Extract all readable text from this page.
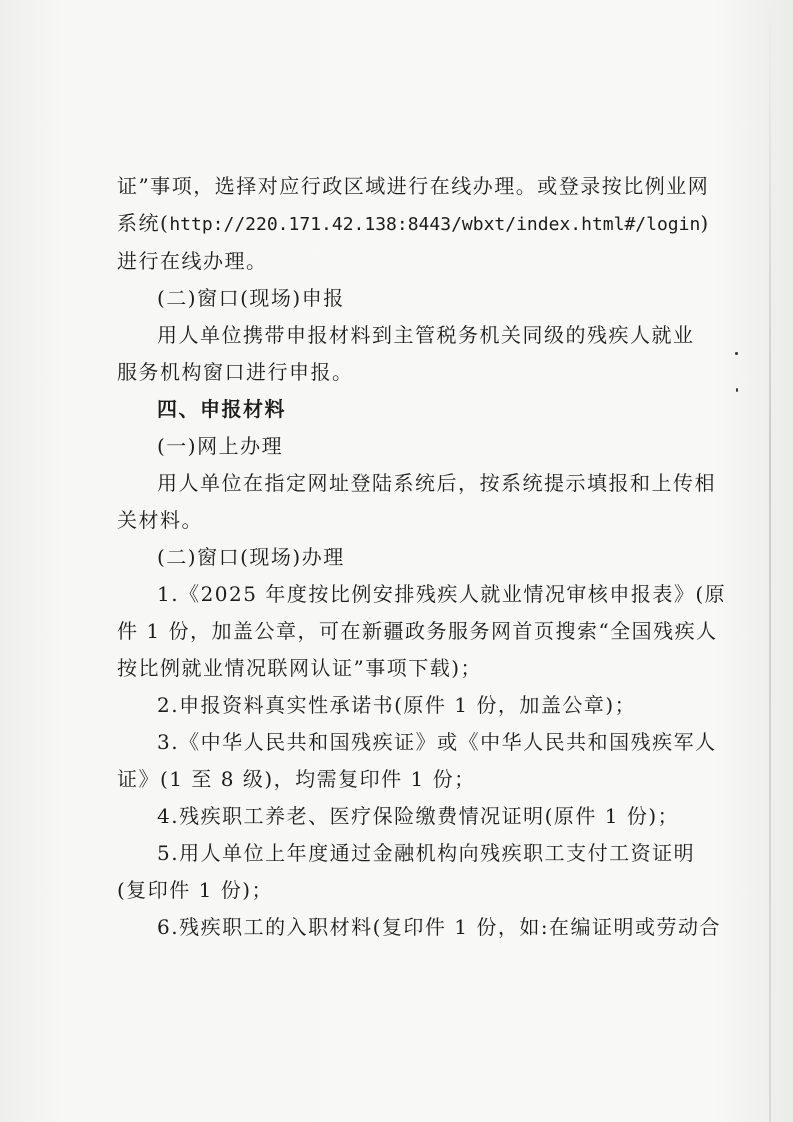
证”事项，选择对应行政区域进行在线办理。或登录按比例业网

系统(http://220.171.42.138:8443/wbxt/index.html#/login)

进行在线办理。

(二)窗口(现场)申报

用人单位携带申报材料到主管税务机关同级的残疾人就业

服务机构窗口进行申报。

四、申报材料

(一)网上办理

用人单位在指定网址登陆系统后，按系统提示填报和上传相

关材料。

(二)窗口(现场)办理

1.《2025 年度按比例安排残疾人就业情况审核申报表》(原

件 1 份，加盖公章，可在新疆政务服务网首页搜索“全国残疾人

按比例就业情况联网认证”事项下载)；

2.申报资料真实性承诺书(原件 1 份，加盖公章)；

3.《中华人民共和国残疾证》或《中华人民共和国残疾军人

证》(1 至 8 级)，均需复印件 1 份；

4.残疾职工养老、医疗保险缴费情况证明(原件 1 份)；

5.用人单位上年度通过金融机构向残疾职工支付工资证明

(复印件 1 份)；

6.残疾职工的入职材料(复印件 1 份，如:在编证明或劳动合
